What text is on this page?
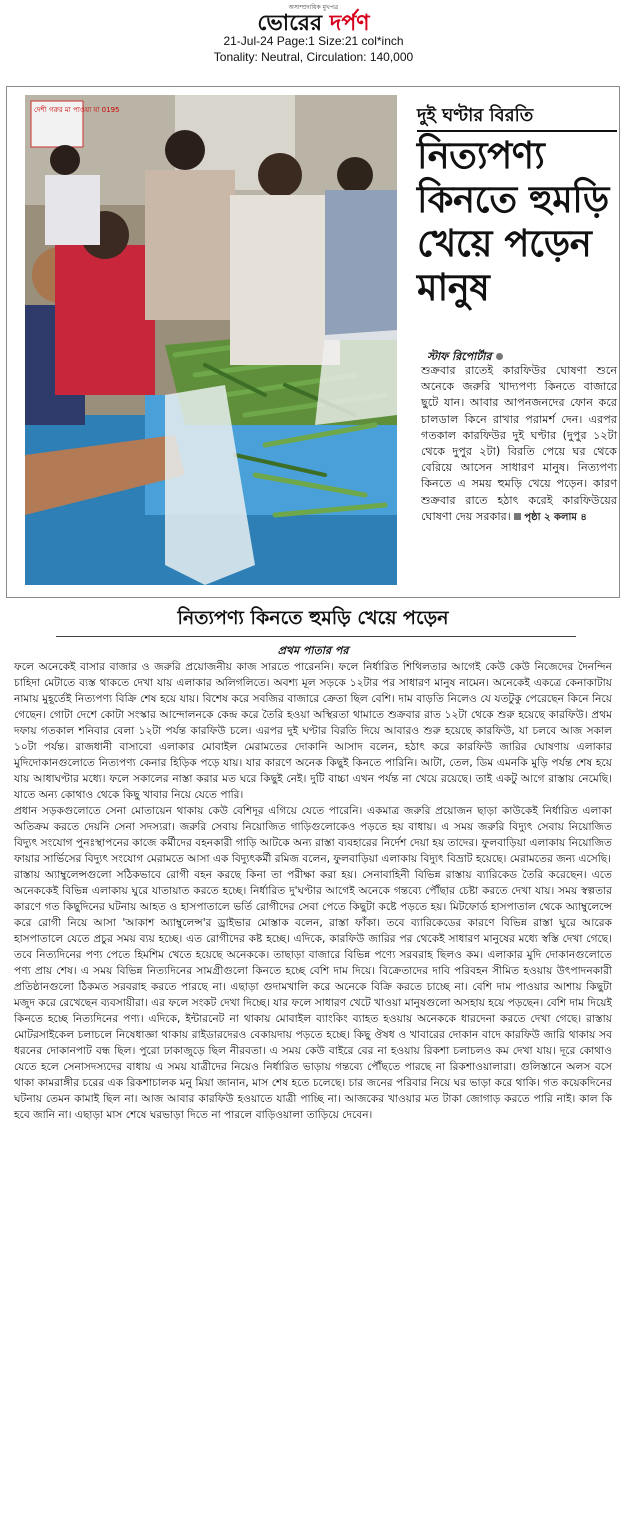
অসাম্প্রদায়িক মুখপত্র
ভোরের দর্পণ
21-Jul-24 Page:1 Size:21 col*inch
Tonality: Neutral, Circulation: 140,000
দেশী গরুর মা পাওয়া যা 0195	দুই ঘণ্টার বিরতি
নিত্যপণ্য
কিনতে হুমড়ি
খেয়ে পড়েন
মানুষ
স্টাফ রিপোর্টার
শুক্রবার রাতেই কারফিউর ঘোষণা শুনে অনেকে জরুরি খাদ্যপণ্য কিনতে বাজারে ছুটে যান। আবার আপনজনদের ফোন করে চালডাল কিনে রাখার পরামর্শ দেন। এরপর গতকাল কারফিউর দুই ঘণ্টার (দুপুর ১২টা থেকে দুপুর ২টা) বিরতি পেয়ে ঘর থেকে বেরিয়ে আসেন সাধারণ মানুষ। নিত্যপণ্য কিনতে এ সময় হুমড়ি খেয়ে পড়েন। কারণ শুক্রবার রাতে হঠাৎ করেই কারফিউয়ের ঘোষণা দেয় সরকার। পৃষ্ঠা ২ কলাম ৪
নিত্যপণ্য কিনতে হুমড়ি খেয়ে পড়েন
প্রথম পাতার পর

ফলে অনেকেই বাসার বাজার ও জরুরি প্রয়োজনীয় কাজ সারতে পারেননি। ফলে নির্ধারিত শিথিলতার আগেই কেউ কেউ নিজেদের দৈনন্দিন চাহিদা মেটাতে ব্যস্ত থাকতে দেখা যায় এলাকার অলিগলিতে। অবশ্য মূল সড়কে ১২টার পর সাধারণ মানুষ নামেন। অনেকেই একত্রে কেনাকাটায় নামায় মুহূর্তেই নিত্যপণ্য বিক্রি শেষ হয়ে যায়। বিশেষ করে সবজির বাজারে ক্রেতা ছিল বেশি। দাম বাড়তি নিলেও যে যতটুকু পেরেছেন কিনে নিয়ে গেছেন। গোটা দেশে কোটা সংস্কার আন্দোলনকে কেন্দ্র করে তৈরি হওয়া অস্থিরতা থামাতে শুক্রবার রাত ১২টা থেকে শুরু হয়েছে কারফিউ। প্রথম দফায় গতকাল শনিবার বেলা ১২টা পর্যন্ত কারফিউ চলে। এরপর দুই ঘণ্টার বিরতি দিয়ে আবারও শুরু হয়েছে কারফিউ, যা চলবে আজ সকাল ১০টা পর্যন্ত। রাজধানী বাসাবো এলাকার মোবাইল মেরামতের দোকানি আসাদ বলেন, হঠাৎ করে কারফিউ জারির ঘোষণায় এলাকার মুদিদোকানগুলোতে নিত্যপণ্য কেনার হিড়িক পড়ে যায়। যার কারণে অনেক কিছুই কিনতে পারিনি। আটা, তেল, ডিম এমনকি মুড়ি পর্যন্ত শেষ হয়ে যায় আধাঘণ্টার মধ্যে। ফলে সকালের নাস্তা করার মত ঘরে কিছুই নেই। দুটি বাচ্চা এখন পর্যন্ত না খেয়ে রয়েছে। তাই একটু আগে রাস্তায় নেমেছি। যাতে অন্য কোথাও থেকে কিছু খাবার নিয়ে যেতে পারি।

প্রধান সড়কগুলোতে সেনা মোতায়েন থাকায় কেউ বেশিদূর এগিয়ে যেতে পারেনি। একমাত্র জরুরি প্রয়োজন ছাড়া কাউকেই নির্ধারিত এলাকা অতিক্রম করতে দেয়নি সেনা সদস্যরা। জরুরি সেবায় নিয়োজিত গাড়িগুলোকেও পড়তে হয় বাধায়। এ সময় জরুরি বিদ্যুৎ সেবায় নিয়োজিত বিদ্যুৎ সংযোগ পুনঃস্থাপনের কাজে কর্মীদের বহনকারী গাড়ি আটকে অন্য রাস্তা ব্যবহারের নির্দেশ দেয়া হয় তাদের। ফুলবাড়িয়া এলাকায় নিয়োজিত ফায়ার সার্ভিসের বিদ্যুৎ সংযোগ মেরামতে আসা এক বিদ্যুৎকর্মী রমিজ বলেন, ফুলবাড়িয়া এলাকায় বিদ্যুৎ বিভ্রাট হয়েছে। মেরামতের জন্য এসেছি।

রাস্তায় অ্যাম্বুলেন্সগুলো সঠিকভাবে রোগী বহন করছে কিনা তা পরীক্ষা করা হয়। সেনাবাহিনী বিভিন্ন রাস্তায় ব্যারিকেড তৈরি করেছেন। এতে অনেককেই বিভিন্ন এলাকায় ঘুরে যাতায়াত করতে হচ্ছে। নির্ধারিত দু'ঘণ্টার আগেই অনেকে গন্তব্যে পৌঁছার চেষ্টা করতে দেখা যায়। সময় স্বল্পতার কারণে গত কিছুদিনের ঘটনায় আহত ও হাসপাতালে ভর্তি রোগীদের সেবা পেতে কিছুটা কষ্টে পড়তে হয়। মিটফোর্ড হাসপাতাল থেকে অ্যাম্বুলেন্সে করে রোগী নিয়ে আসা 'আকাশ অ্যাম্বুলেন্স'র ড্রাইভার মোস্তাক বলেন, রাস্তা ফাঁকা। তবে ব্যারিকেডের কারণে বিভিন্ন রাস্তা ঘুরে আরেক হাসপাতালে যেতে প্রচুর সময় ব্যয় হচ্ছে। এত রোগীদের কষ্ট হচ্ছে। এদিকে, কারফিউ জারির পর থেকেই সাধারণ মানুষের মধ্যে স্বস্তি দেখা গেছে। তবে নিত্যদিনের পণ্য পেতে হিমশিম খেতে হয়েছে অনেককে। তাছাড়া বাজারে বিভিন্ন পণ্যে সরবরাহ ছিলও কম। এলাকার মুদি দোকানগুলোতে পণ্য প্রায় শেষ। এ সময় বিভিন্ন নিত্যদিনের সামগ্রীগুলো কিনতে হচ্ছে বেশি দাম দিয়ে। বিক্রেতাদের দাবি পরিবহন সীমিত হওয়ায় উৎপাদনকারী প্রতিষ্ঠানগুলো ঠিকমত সরবরাহ করতে পারছে না। এছাড়া গুদামখালি করে অনেকে বিক্রি করতে চাচ্ছে না। বেশি দাম পাওয়ার আশায় কিছুটা মজুদ করে রেখেছেন ব্যবসায়ীরা। এর ফলে সংকট দেখা দিচ্ছে। যার ফলে সাধারণ খেটে খাওয়া মানুষগুলো অসহায় হয়ে পড়ছেন। বেশি দাম দিয়েই কিনতে হচ্ছে নিত্যদিনের পণ্য। এদিকে, ইন্টারনেট না থাকায় মোবাইল ব্যাংকিং ব্যাহত হওয়ায় অনেককে ধারদেনা করতে দেখা গেছে। রাস্তায় মোটরসাইকেল চলাচলে নিষেধাজ্ঞা থাকায় রাইডারদেরও বেকায়দায় পড়তে হচ্ছে। কিছু ঔষধ ও খাবারের দোকান বাদে কারফিউ জারি থাকায় সব ধরনের দোকানপাট বন্ধ ছিল। পুরো ঢাকাজুড়ে ছিল নীরবতা। এ সময় কেউ বাইরে বের না হওয়ায় রিকশা চলাচলও কম দেখা যায়। দূরে কোথাও যেতে হলে সেনাসদস্যদের বাধায় এ সময় যাত্রীদের নিয়েও নির্ধারিত ভাড়ায় গন্তব্যে পৌঁছতে পারছে না রিকশাওয়ালারা। গুলিস্তানে অলস বসে থাকা কামরাঙ্গীর চরের এক রিকশাচালক মনু মিয়া জানান, মাস শেষ হতে চলেছে। চার জনের পরিবার নিয়ে ঘর ভাড়া করে থাকি। গত কয়েকদিনের ঘটনায় তেমন কামাই ছিল না। আজ আবার কারফিউ হওয়াতে যাত্রী পাচ্ছি না। আজকের খাওয়ার মত টাকা জোগাড় করতে পারি নাই। কাল কি হবে জানি না। এছাড়া মাস শেষে ঘরভাড়া দিতে না পারলে বাড়িওয়ালা তাড়িয়ে দেবেন।
